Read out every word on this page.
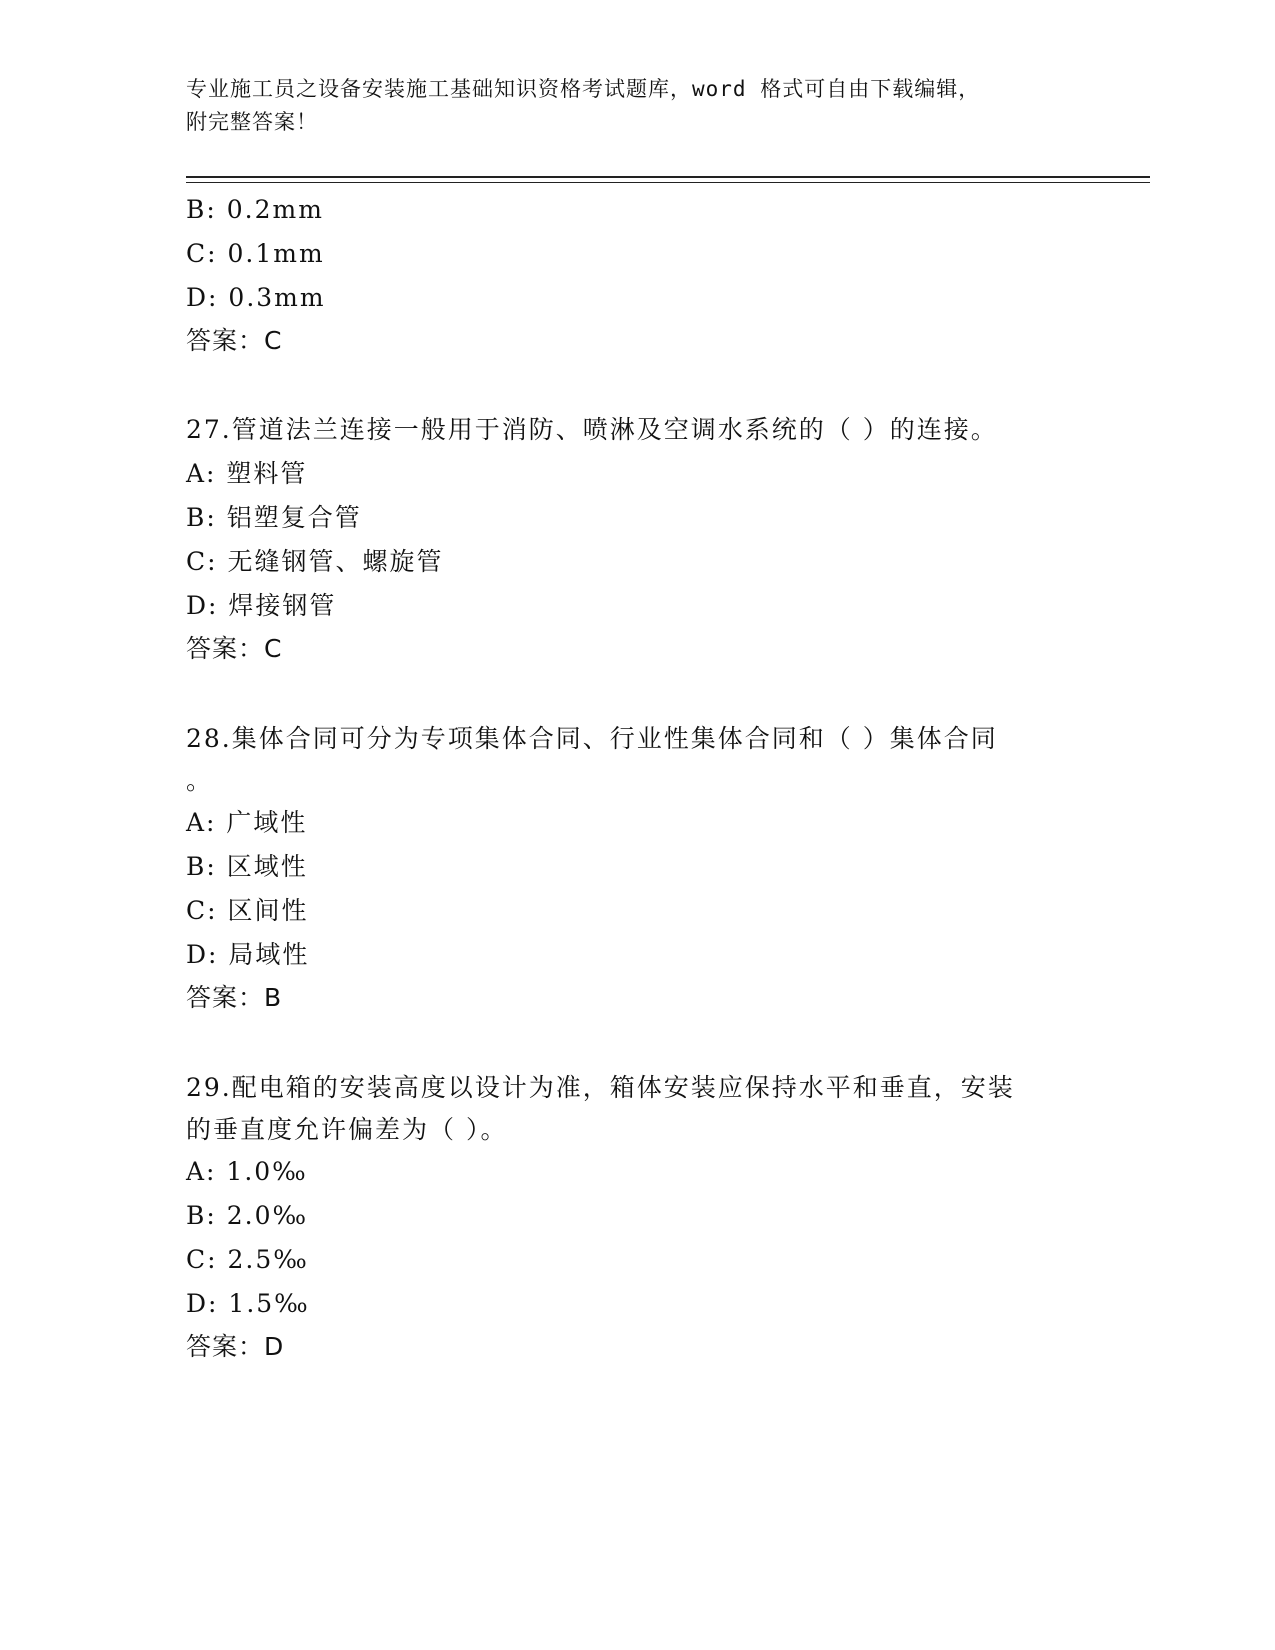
专业施工员之设备安装施工基础知识资格考试题库，word 格式可自由下载编辑，
附完整答案！
B: 0.2mm
C: 0.1mm
D: 0.3mm
答案：C
27.管道法兰连接一般用于消防、喷淋及空调水系统的（ ）的连接。
A: 塑料管
B: 铝塑复合管
C: 无缝钢管、螺旋管
D: 焊接钢管
答案：C
28.集体合同可分为专项集体合同、行业性集体合同和（ ）集体合同
。
A: 广域性
B: 区域性
C: 区间性
D: 局域性
答案：B
29.配电箱的安装高度以设计为准，箱体安装应保持水平和垂直，安装
的垂直度允许偏差为（ ）。
A: 1.0‰
B: 2.0‰
C: 2.5‰
D: 1.5‰
答案：D
